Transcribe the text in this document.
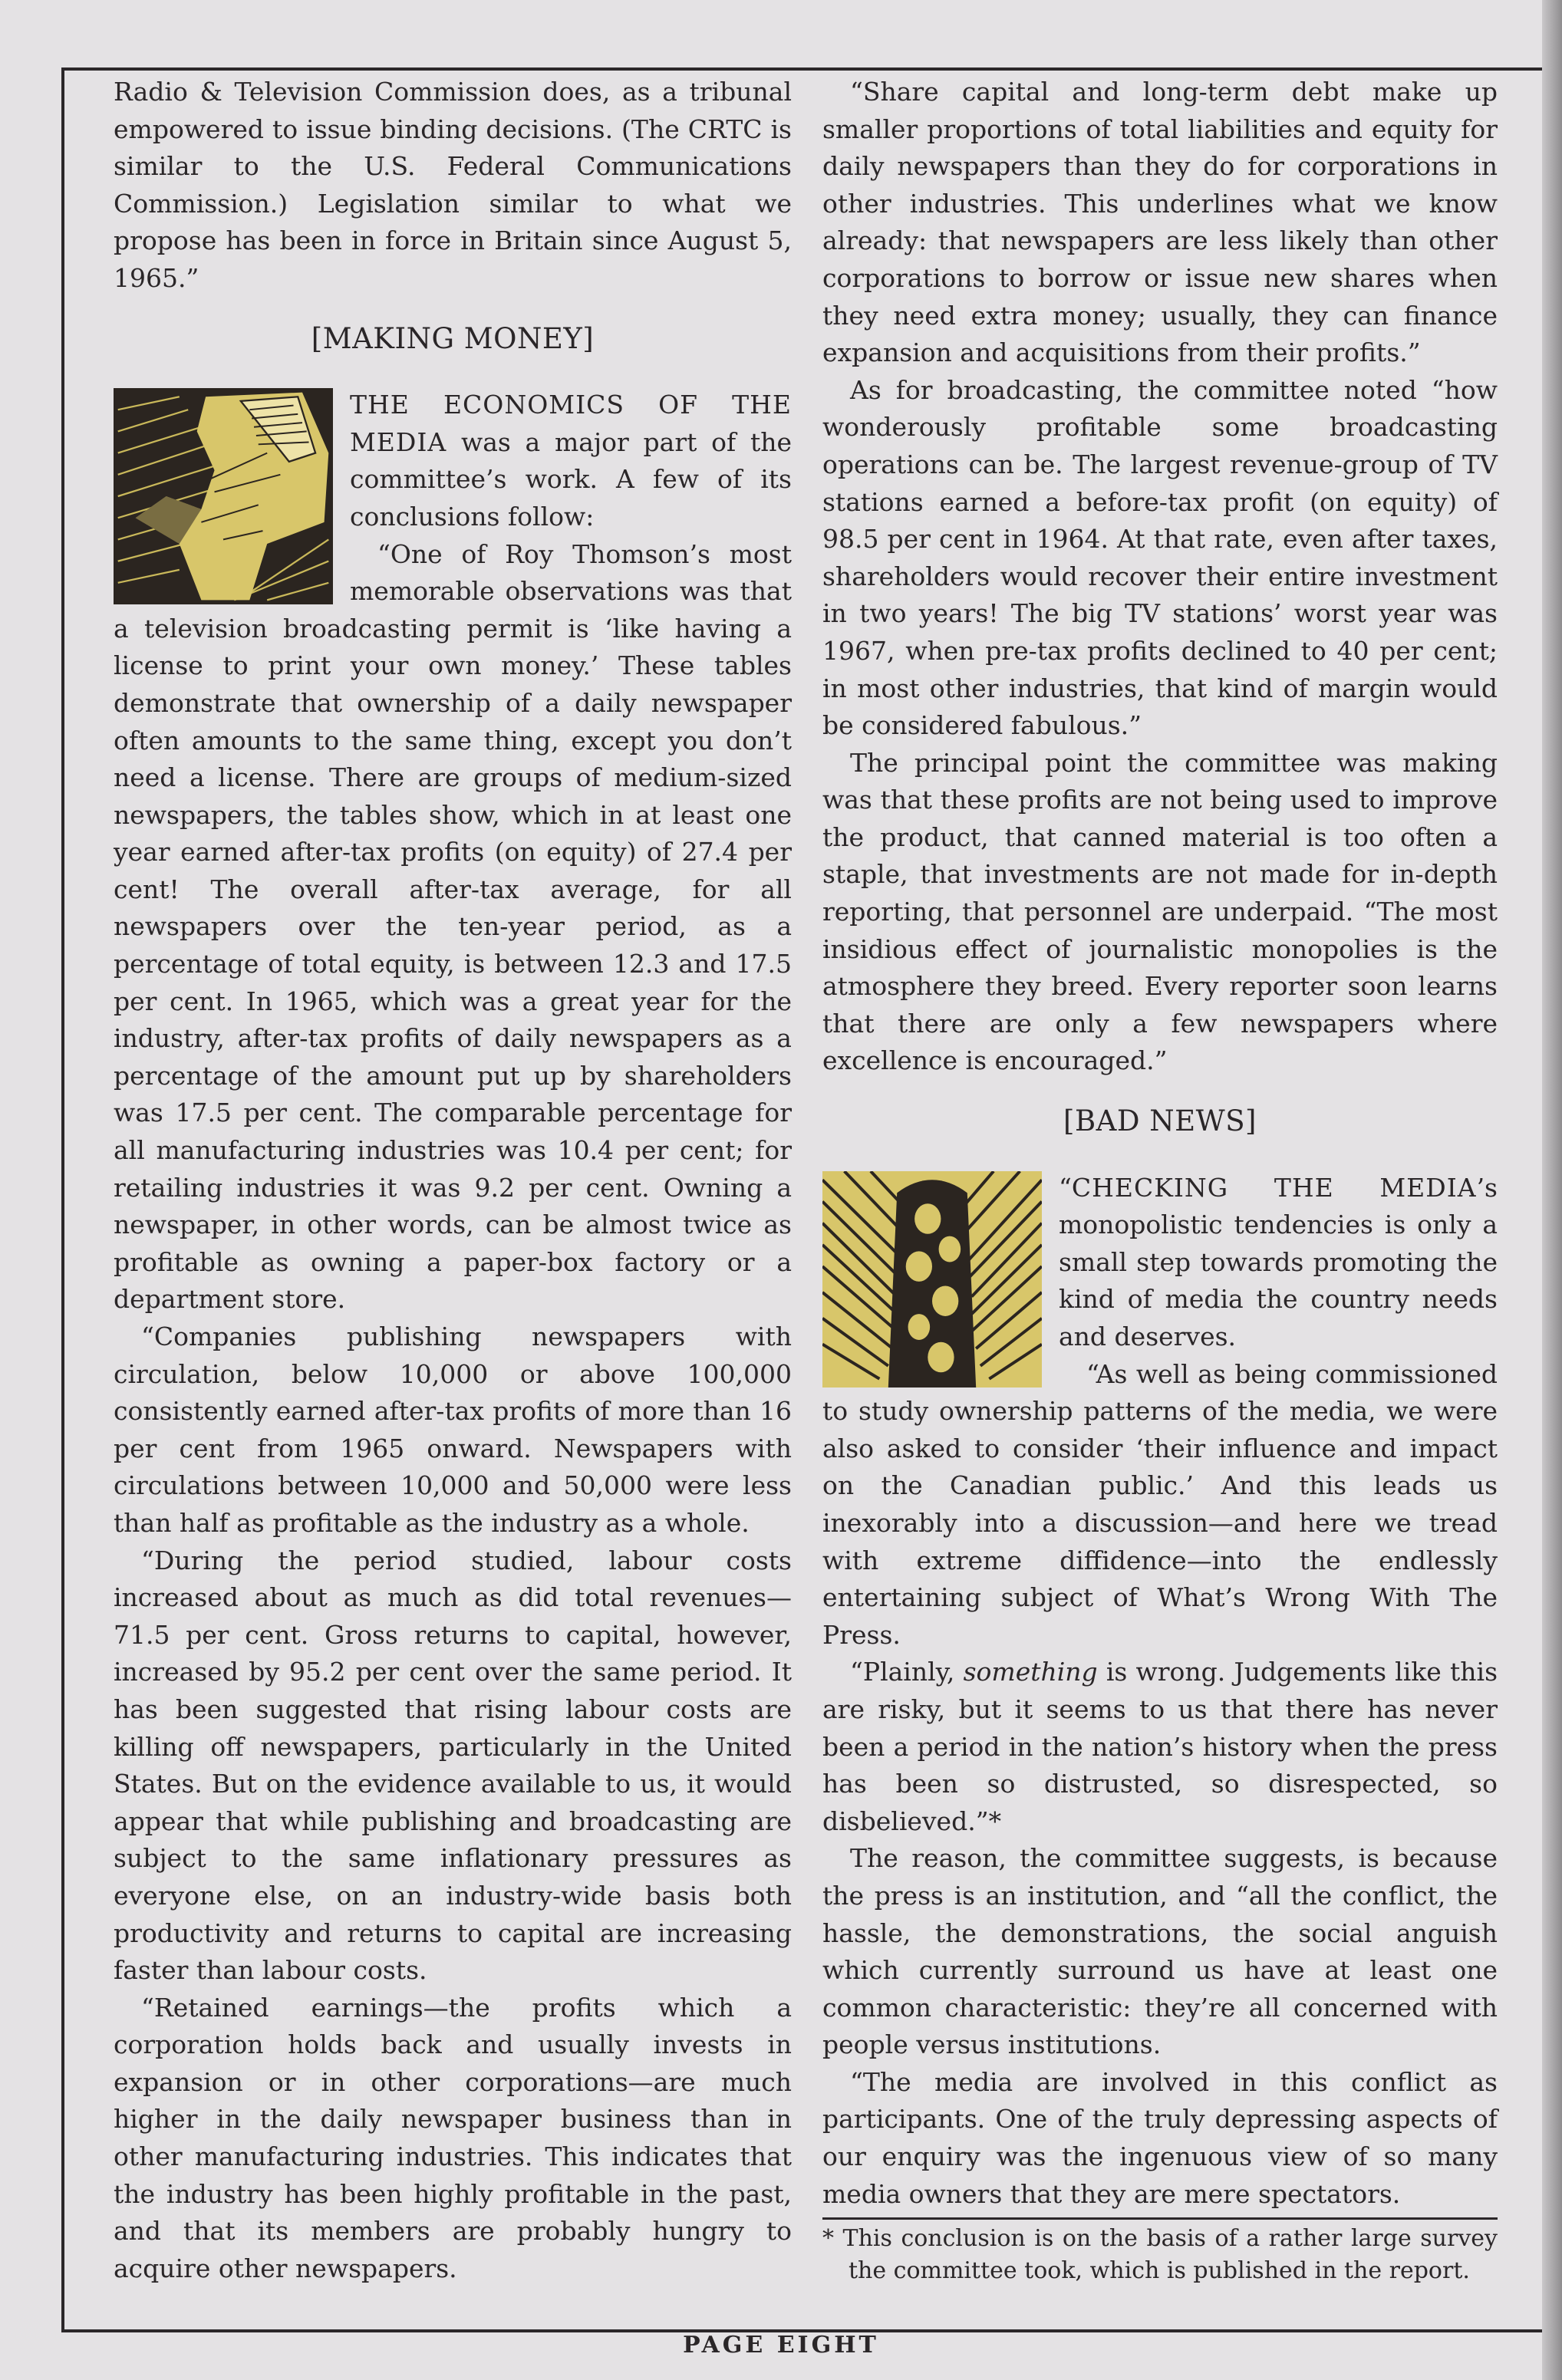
Radio & Television Commission does, as a tribunal empowered to issue binding decisions. (The CRTC is similar to the U.S. Federal Communications Commission.) Legislation similar to what we propose has been in force in Britain since August 5, 1965.”

[MAKING MONEY]

THE ECONOMICS OF THE MEDIA was a major part of the committee’s work. A few of its conclusions follow:

“One of Roy Thomson’s most memorable observations was that a television broadcasting permit is ‘like having a license to print your own money.’ These tables demonstrate that ownership of a daily newspaper often amounts to the same thing, except you don’t need a license. There are groups of medium-sized newspapers, the tables show, which in at least one year earned after-tax profits (on equity) of 27.4 per cent! The overall after-tax average, for all newspapers over the ten-year period, as a percentage of total equity, is between 12.3 and 17.5 per cent. In 1965, which was a great year for the industry, after-tax profits of daily newspapers as a percentage of the amount put up by shareholders was 17.5 per cent. The comparable percentage for all manufacturing industries was 10.4 per cent; for retailing industries it was 9.2 per cent. Owning a newspaper, in other words, can be almost twice as profitable as owning a paper-box factory or a department store.

“Companies publishing newspapers with circulation, below 10,000 or above 100,000 consistently earned after-tax profits of more than 16 per cent from 1965 onward. Newspapers with circulations between 10,000 and 50,000 were less than half as profitable as the industry as a whole.

“During the period studied, labour costs increased about as much as did total revenues—71.5 per cent. Gross returns to capital, however, increased by 95.2 per cent over the same period. It has been suggested that rising labour costs are killing off newspapers, particularly in the United States. But on the evidence available to us, it would appear that while publishing and broadcasting are subject to the same inflationary pressures as everyone else, on an industry-wide basis both productivity and returns to capital are increasing faster than labour costs.

“Retained earnings—the profits which a corporation holds back and usually invests in expansion or in other corporations—are much higher in the daily newspaper business than in other manufacturing industries. This indicates that the industry has been highly profitable in the past, and that its members are probably hungry to acquire other newspapers.

“Share capital and long-term debt make up smaller proportions of total liabilities and equity for daily newspapers than they do for corporations in other industries. This underlines what we know already: that newspapers are less likely than other corporations to borrow or issue new shares when they need extra money; usually, they can finance expansion and acquisitions from their profits.”

As for broadcasting, the committee noted “how wonderously profitable some broadcasting operations can be. The largest revenue-group of TV stations earned a before-tax profit (on equity) of 98.5 per cent in 1964. At that rate, even after taxes, shareholders would recover their entire investment in two years! The big TV stations’ worst year was 1967, when pre-tax profits declined to 40 per cent; in most other industries, that kind of margin would be considered fabulous.”

The principal point the committee was making was that these profits are not being used to improve the product, that canned material is too often a staple, that investments are not made for in-depth reporting, that personnel are underpaid. “The most insidious effect of journalistic monopolies is the atmosphere they breed. Every reporter soon learns that there are only a few newspapers where excellence is encouraged.”

[BAD NEWS]

“CHECKING THE MEDIA’s monopolistic tendencies is only a small step towards promoting the kind of media the country needs and deserves.

“As well as being commissioned to study ownership patterns of the media, we were also asked to consider ‘their influence and impact on the Canadian public.’ And this leads us inexorably into a discussion—and here we tread with extreme diffidence—into the endlessly entertaining subject of What’s Wrong With The Press.

“Plainly, something is wrong. Judgements like this are risky, but it seems to us that there has never been a period in the nation’s history when the press has been so distrusted, so disrespected, so disbelieved.”*

The reason, the committee suggests, is because the press is an institution, and “all the conflict, the hassle, the demonstrations, the social anguish which currently surround us have at least one common characteristic: they’re all concerned with people versus institutions.

“The media are involved in this conflict as participants. One of the truly depressing aspects of our enquiry was the ingenuous view of so many media owners that they are mere spectators.

* This conclusion is on the basis of a rather large survey the committee took, which is published in the report.

PAGE EIGHT
